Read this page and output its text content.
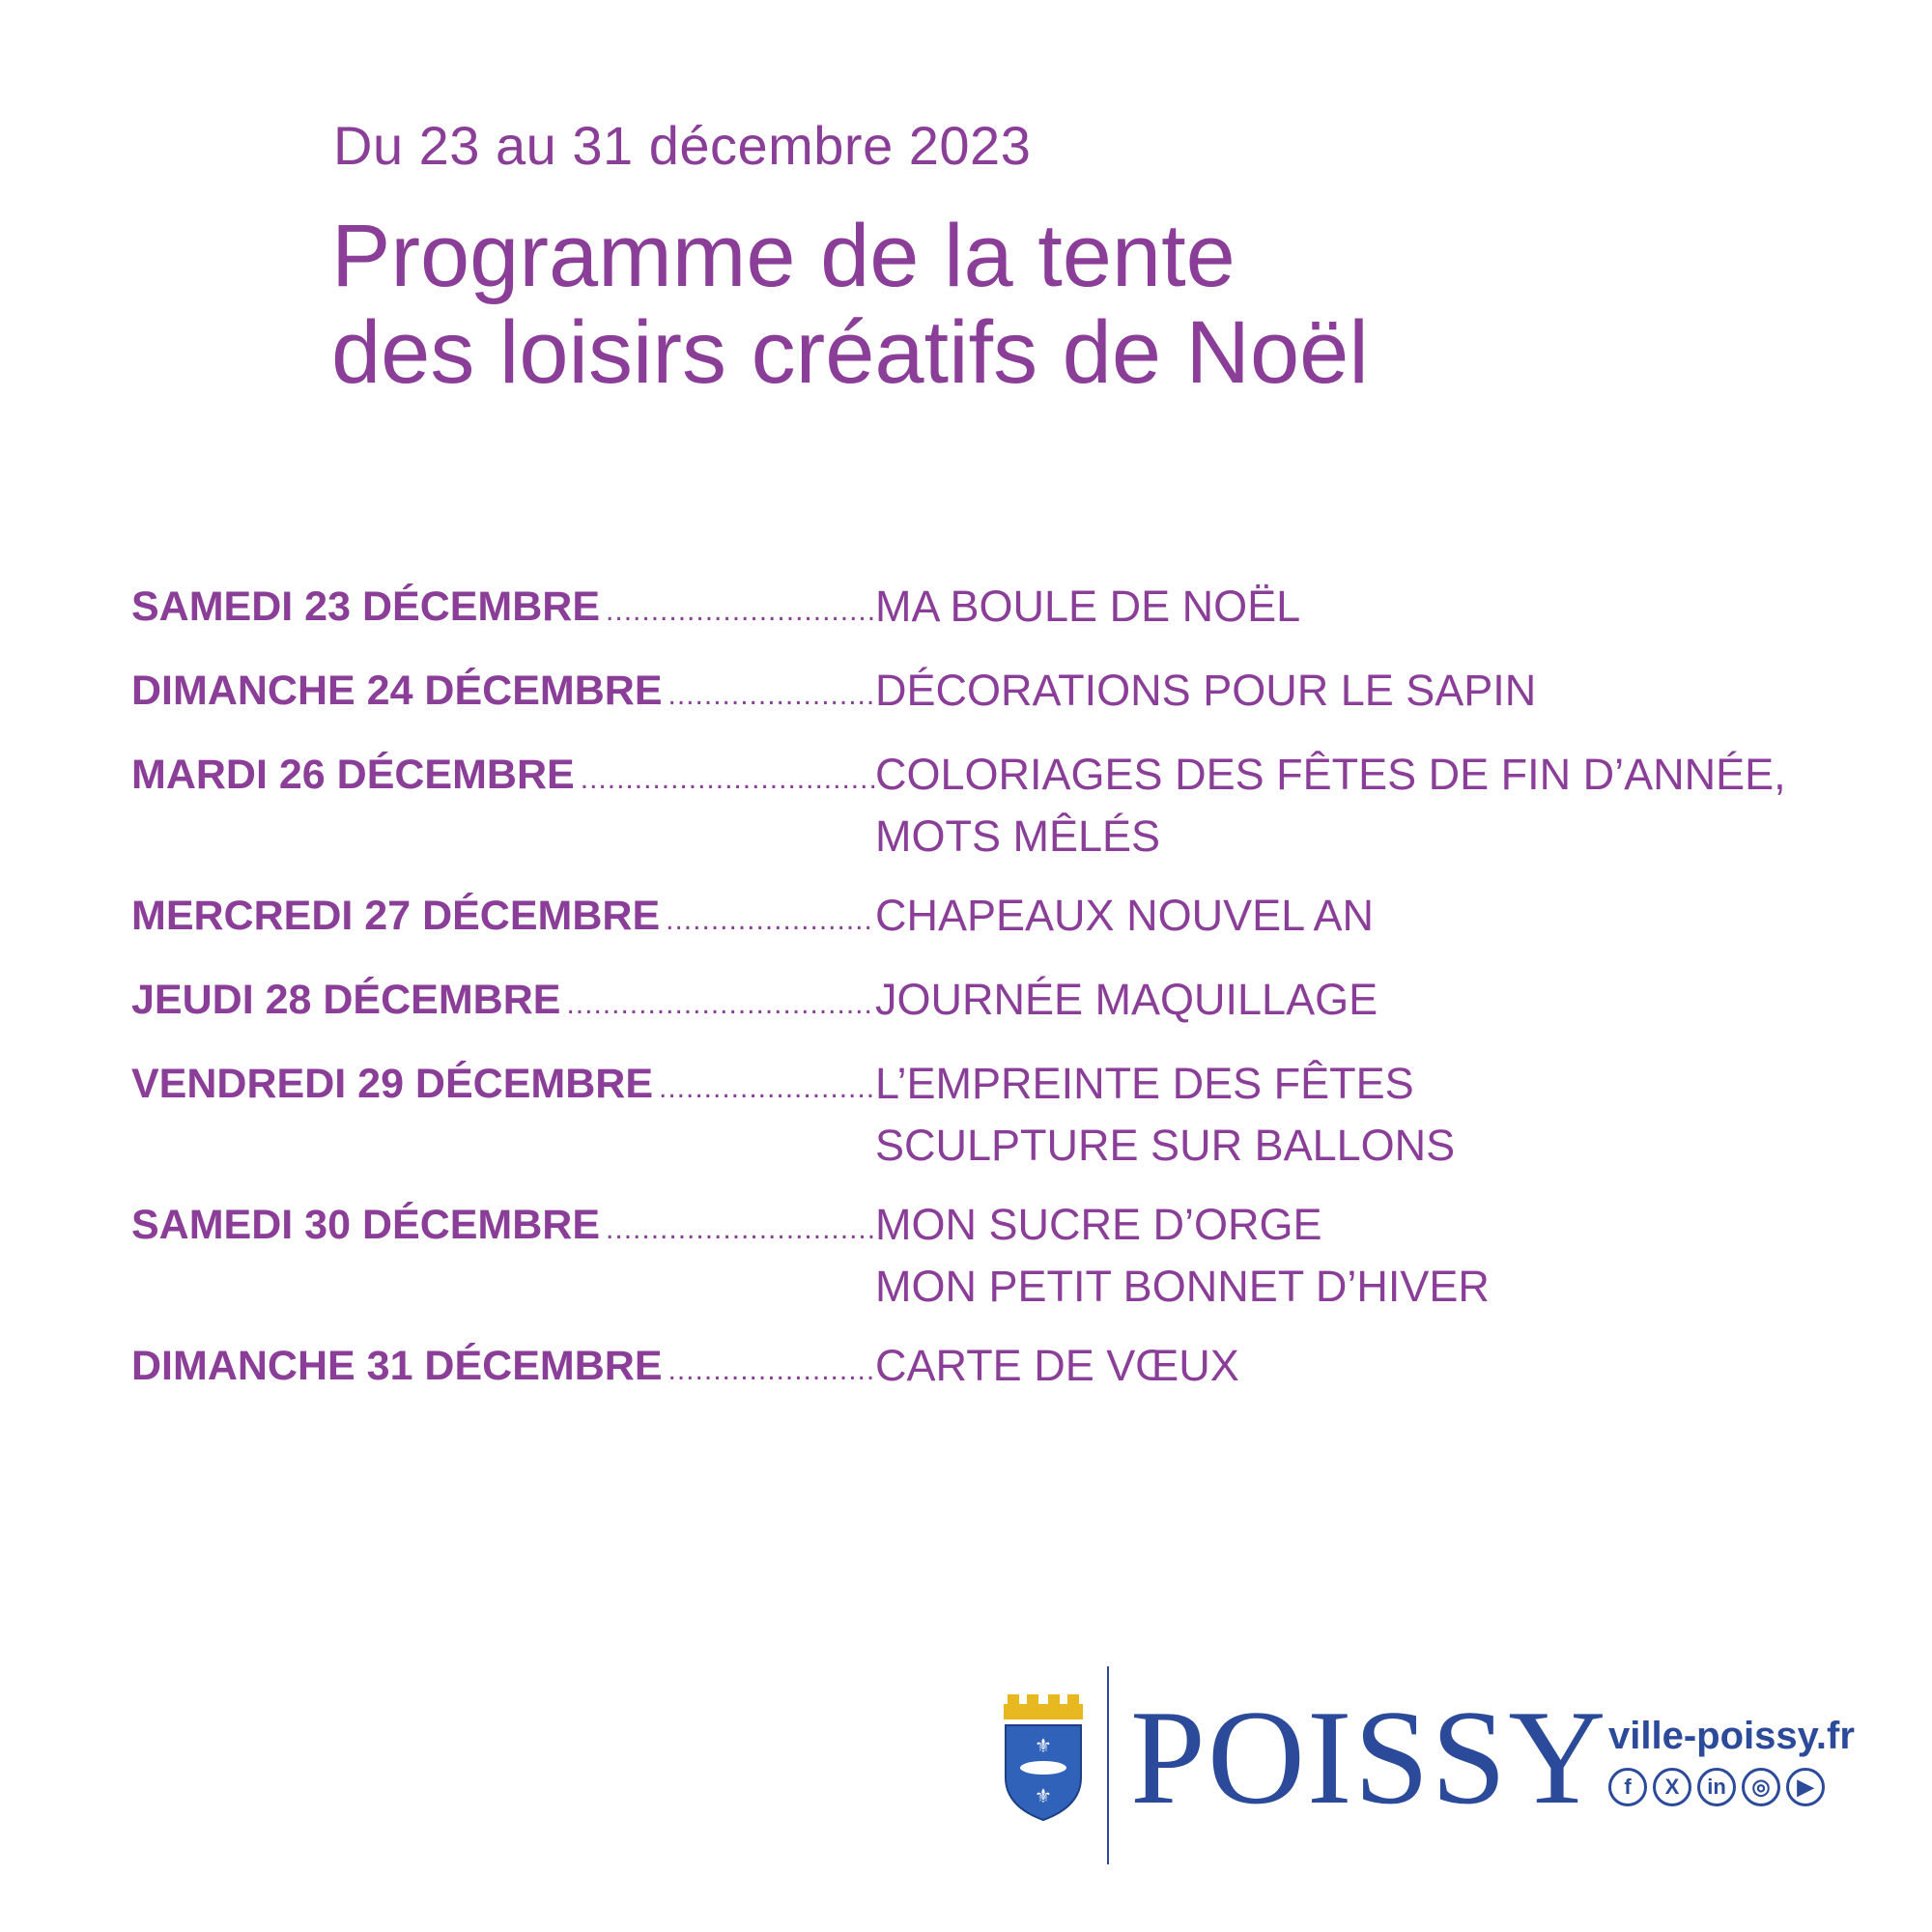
Du 23 au 31 décembre 2023
Programme de la tente
des loisirs créatifs de Noël
SAMEDI 23 DÉCEMBRE .....	MA BOULE DE NOËL
DIMANCHE 24 DÉCEMBRE .....	DÉCORATIONS POUR LE SAPIN
MARDI 26 DÉCEMBRE .....	COLORIAGES DES FÊTES DE FIN D’ANNÉE,
MOTS MÊLÉS
MERCREDI 27 DÉCEMBRE .....	CHAPEAUX NOUVEL AN
JEUDI 28 DÉCEMBRE .....	JOURNÉE MAQUILLAGE
VENDREDI 29 DÉCEMBRE .....	L’EMPREINTE DES FÊTES
SCULPTURE SUR BALLONS
SAMEDI 30 DÉCEMBRE .....	MON SUCRE D’ORGE
MON PETIT BONNET D’HIVER
DIMANCHE 31 DÉCEMBRE .....	CARTE DE VŒUX
⚜
⚜ POISSY ville-poissy.fr
f	X	in	◎	▶
